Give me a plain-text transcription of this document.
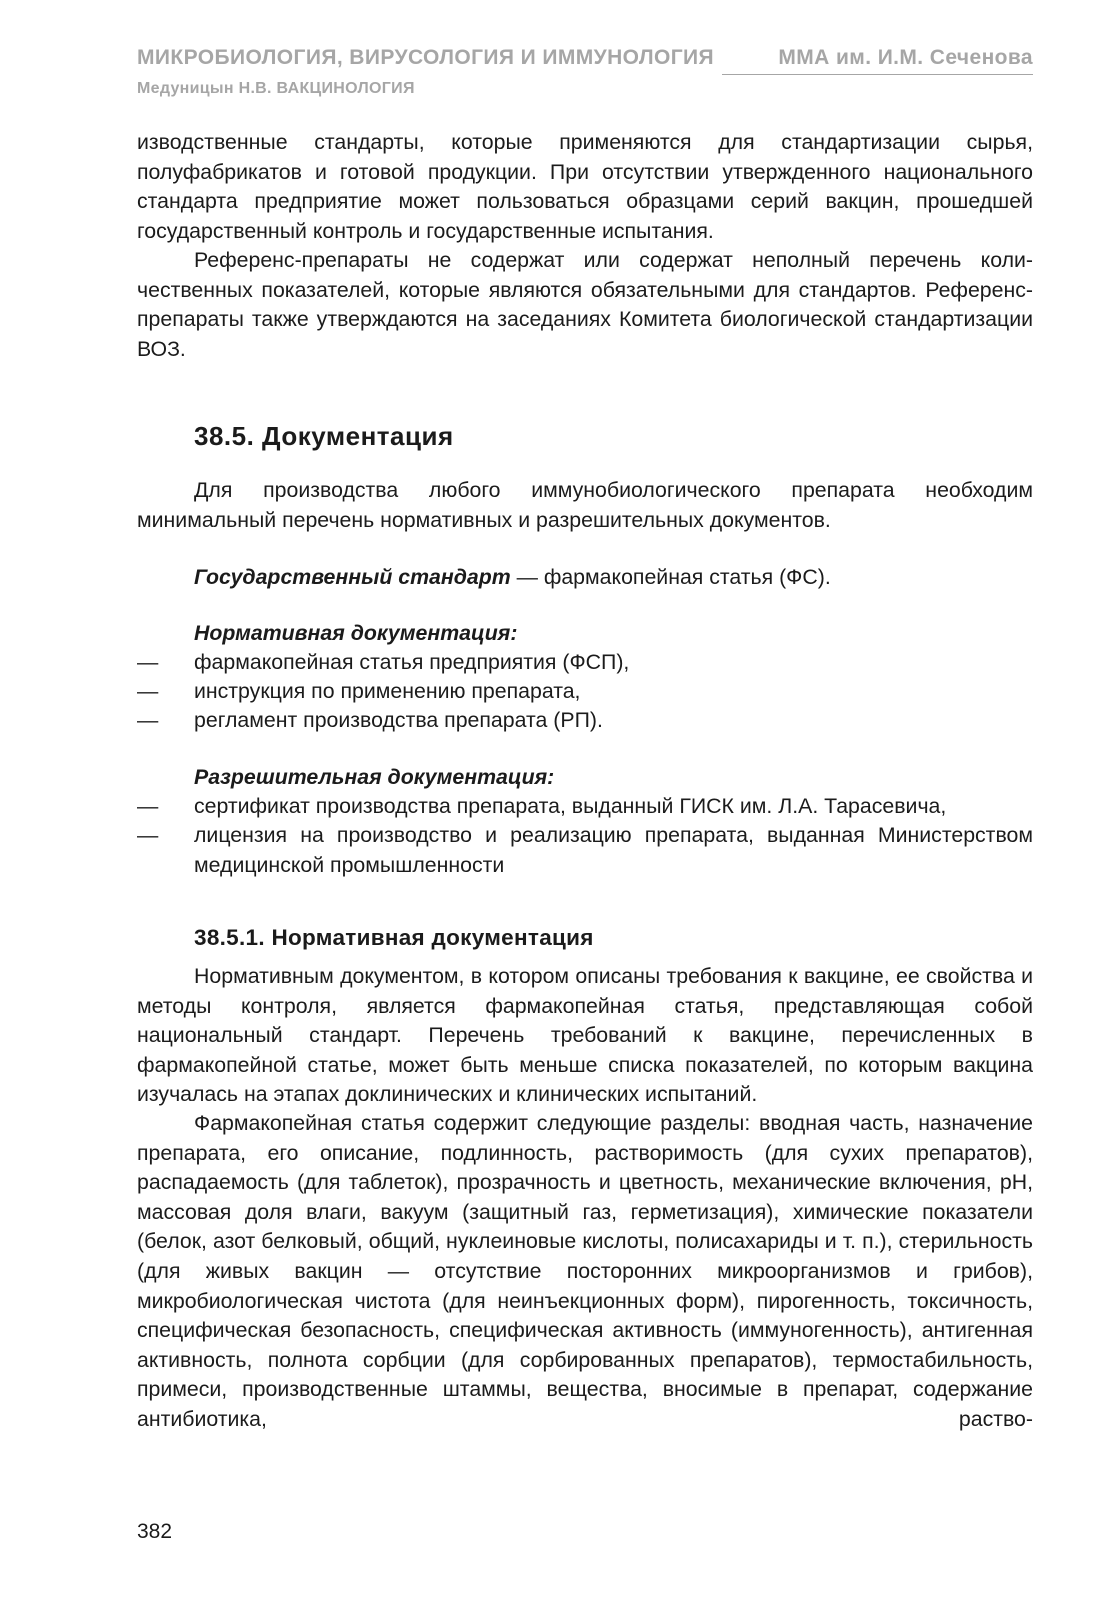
МИКРОБИОЛОГИЯ, ВИРУСОЛОГИЯ И ИММУНОЛОГИЯ	ММА им. И.М. Сеченова
Медуницын Н.В. ВАКЦИНОЛОГИЯ

изводственные стандарты, которые применяются для стандартизации сырья, полуфабрикатов и готовой продукции. При отсутствии утвержденного национального стандарта предприятие может пользоваться образцами серий вакцин, прошедшей государственный контроль и государственные испытания.

Референс-препараты не содержат или содержат неполный перечень количественных показателей, которые являются обязательными для стандартов. Референс-препараты также утверждаются на заседаниях Комитета биологической стандартизации ВОЗ.

38.5. Документация

Для производства любого иммунобиологического препарата необходим минимальный перечень нормативных и разрешительных документов.

Государственный стандарт — фармакопейная статья (ФС).
Нормативная документация:
— фармакопейная статья предприятия (ФСП),
— инструкция по применению препарата,
— регламент производства препарата (РП).
Разрешительная документация:
— сертификат производства препарата, выданный ГИСК им. Л.А. Тарасевича,
— лицензия на производство и реализацию препарата, выданная Министерством медицинской промышленности

38.5.1. Нормативная документация

Нормативным документом, в котором описаны требования к вакцине, ее свойства и методы контроля, является фармакопейная статья, представляющая собой национальный стандарт. Перечень требований к вакцине, перечисленных в фармакопейной статье, может быть меньше списка показателей, по которым вакцина изучалась на этапах доклинических и клинических испытаний.

Фармакопейная статья содержит следующие разделы: вводная часть, назначение препарата, его описание, подлинность, растворимость (для сухих препаратов), распадаемость (для таблеток), прозрачность и цветность, механические включения, pH, массовая доля влаги, вакуум (защитный газ, герметизация), химические показатели (белок, азот белковый, общий, нуклеиновые кислоты, полисахариды и т. п.), стерильность (для живых вакцин — отсутствие посторонних микроорганизмов и грибов), микробиологическая чистота (для неинъекционных форм), пирогенность, токсичность, специфическая безопасность, специфическая активность (иммуногенность), антигенная активность, полнота сорбции (для сорбированных препаратов), термостабильность, примеси, производственные штаммы, вещества, вносимые в препарат, содержание антибиотика, раство-

382
